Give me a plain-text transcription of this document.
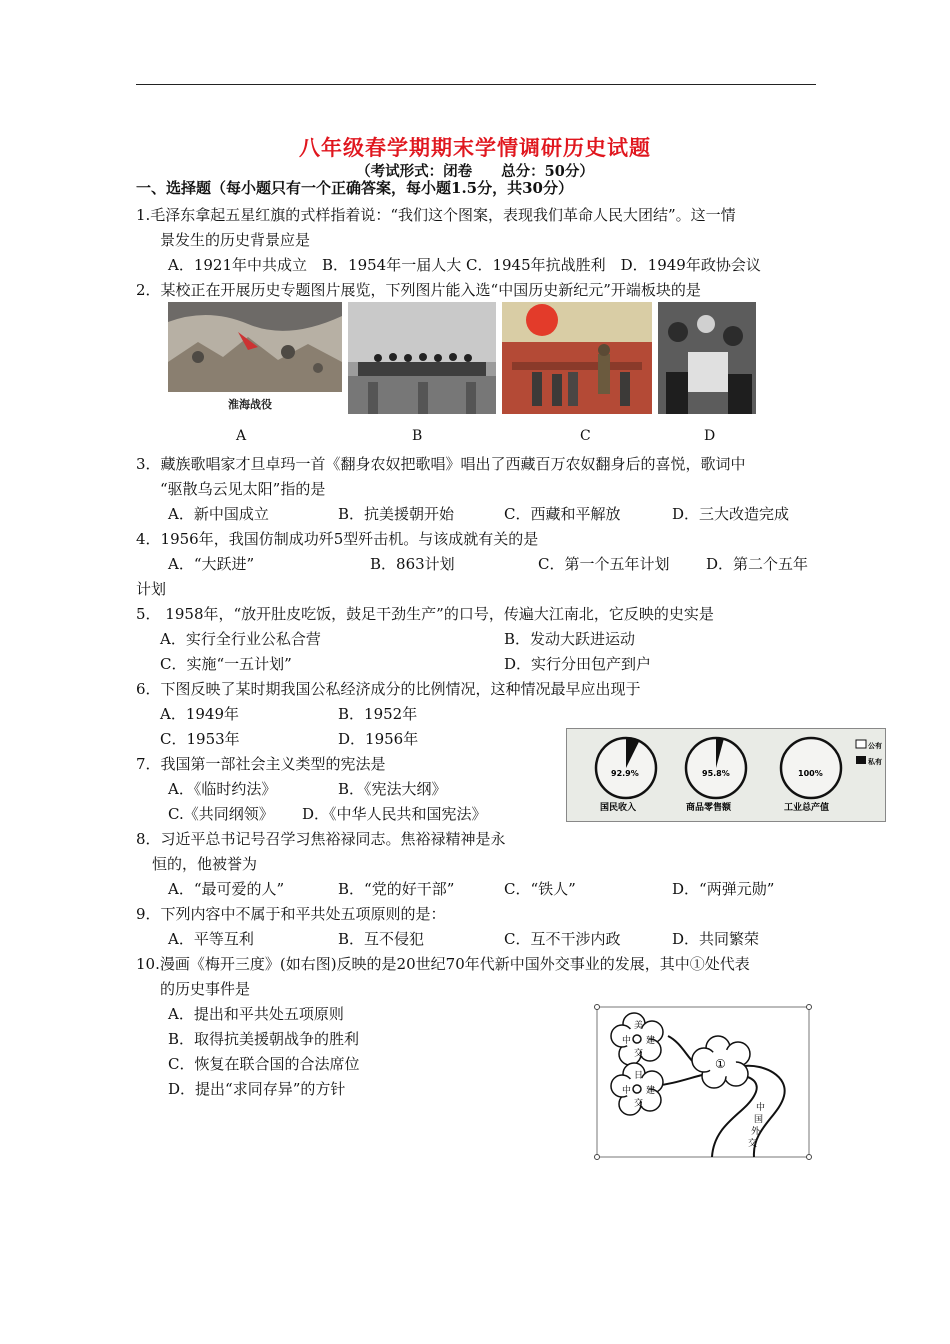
八年级春学期期末学情调研历史试题
（考试形式：闭卷　　总分：50分）
一、选择题（每小题只有一个正确答案，每小题1.5分，共30分）
1.毛泽东拿起五星红旗的式样指着说：“我们这个图案，表现我们革命人民大团结”。这一情
景发生的历史背景应是
A．1921年中共成立　B．1954年一届人大 C．1945年抗战胜利　D．1949年政协会议
2．某校正在开展历史专题图片展览，下列图片能入选“中国历史新纪元”开端板块的是
淮海战役
A	B	C	D
3．藏族歌唱家才旦卓玛一首《翻身农奴把歌唱》唱出了西藏百万农奴翻身后的喜悦，歌词中
“驱散乌云见太阳”指的是
A．新中国成立	B．抗美援朝开始	C．西藏和平解放	D．三大改造完成
4．1956年，我国仿制成功歼5型歼击机。与该成就有关的是
A．“大跃进”	B．863计划	C．第一个五年计划 D．第二个五年
计划
5． 1958年，“放开肚皮吃饭，鼓足干劲生产”的口号，传遍大江南北，它反映的史实是
A．实行全行业公私合营	B．发动大跃进运动
C．实施“一五计划”	D．实行分田包产到户
6．下图反映了某时期我国公私经济成分的比例情况，这种情况最早应出现于
A．1949年	B．1952年
C．1953年	D．1956年
92.9%
国民收入
95.8%
商品零售额
100%
工业总产值
公有
私有
7．我国第一部社会主义类型的宪法是
A．《临时约法》	B．《宪法大纲》
C.《共同纲领》 D．《中华人民共和国宪法》
8．习近平总书记号召学习焦裕禄同志。焦裕禄精神是永
恒的，他被誉为
A．“最可爱的人”	B．“党的好干部”	C．“铁人”	D．“两弹元勋”
9．下列内容中不属于和平共处五项原则的是：
A．平等互利	B．互不侵犯	C．互不干涉内政	D．共同繁荣
10.漫画《梅开三度》(如右图)反映的是20世纪70年代新中国外交事业的发展，其中①处代表
的历史事件是
A．提出和平共处五项原则
B．取得抗美援朝战争的胜利
C．恢复在联合国的合法席位
D．提出“求同存异”的方针
美
中 建
交
日
中 建
交
①
中
国
外
交
